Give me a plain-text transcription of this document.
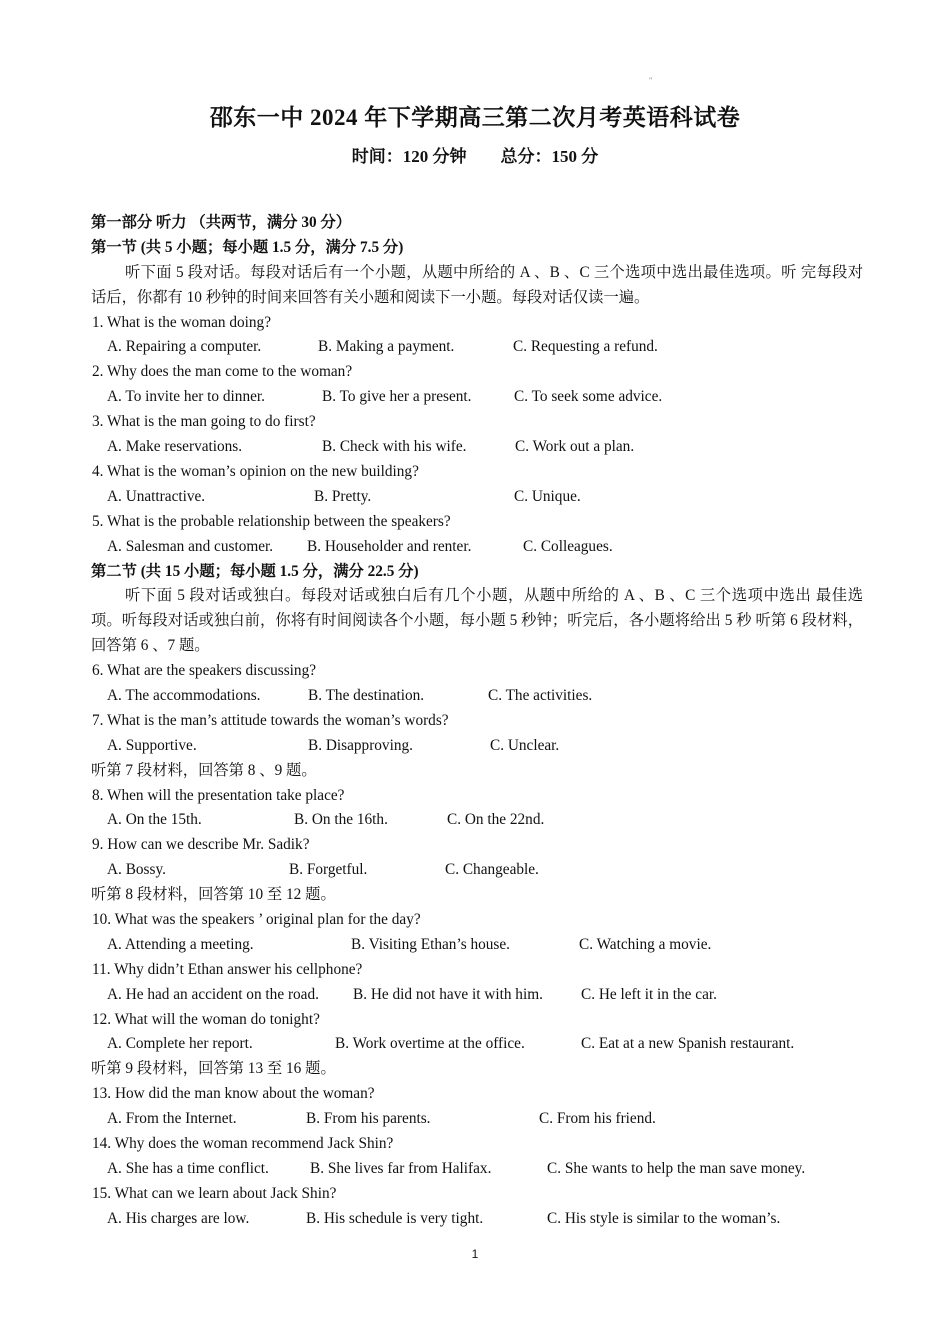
"
邵东一中 2024 年下学期高三第二次月考英语科试卷
时间：120 分钟 总分：150 分
第一部分 听力 （共两节，满分 30 分）
第一节 (共 5 小题；每小题 1.5 分，满分 7.5 分)
听下面 5 段对话。每段对话后有一个小题，从题中所给的 A 、B 、C 三个选项中选出最佳选项。听 完每段对话后，你都有 10 秒钟的时间来回答有关小题和阅读下一小题。每段对话仅读一遍。
1. What is the woman doing?
A. Repairing a computer.	B. Making a payment.	C. Requesting a refund.
2. Why does the man come to the woman?
A. To invite her to dinner.	B. To give her a present.	C. To seek some advice.
3. What is the man going to do first?
A. Make reservations.	B. Check with his wife.	C. Work out a plan.
4. What is the woman’s opinion on the new building?
A. Unattractive.	B. Pretty.	C. Unique.
5. What is the probable relationship between the speakers?
A. Salesman and customer. B. Householder and renter.	C. Colleagues.
第二节 (共 15 小题；每小题 1.5 分，满分 22.5 分)
听下面 5 段对话或独白。每段对话或独白后有几个小题，从题中所给的 A 、B 、C 三个选项中选出 最佳选项。听每段对话或独白前，你将有时间阅读各个小题，每小题 5 秒钟；听完后，各小题将给出 5 秒 听第 6 段材料，回答第 6 、7 题。
6. What are the speakers discussing?
A. The accommodations.	B. The destination.	C. The activities.
7. What is the man’s attitude towards the woman’s words?
A. Supportive.	B. Disapproving.	C. Unclear.
听第 7 段材料，回答第 8 、9 题。
8. When will the presentation take place?
A. On the 15th.	B. On the 16th.	C. On the 22nd.
9. How can we describe Mr. Sadik?
A. Bossy.	B. Forgetful.	C. Changeable.
听第 8 段材料，回答第 10 至 12 题。
10. What was the speakers ’ original plan for the day?
A. Attending a meeting.	B. Visiting Ethan’s house.	C. Watching a movie.
11. Why didn’t Ethan answer his cellphone?
A. He had an accident on the road. B. He did not have it with him. C. He left it in the car.
12. What will the woman do tonight?
A. Complete her report.	B. Work overtime at the office.	C. Eat at a new Spanish restaurant.
听第 9 段材料，回答第 13 至 16 题。
13. How did the man know about the woman?
A. From the Internet.	B. From his parents.	C. From his friend.
14. Why does the woman recommend Jack Shin?
A. She has a time conflict.	B. She lives far from Halifax.	C. She wants to help the man save money.
15. What can we learn about Jack Shin?
A. His charges are low.	B. His schedule is very tight.	C. His style is similar to the woman’s.
1
